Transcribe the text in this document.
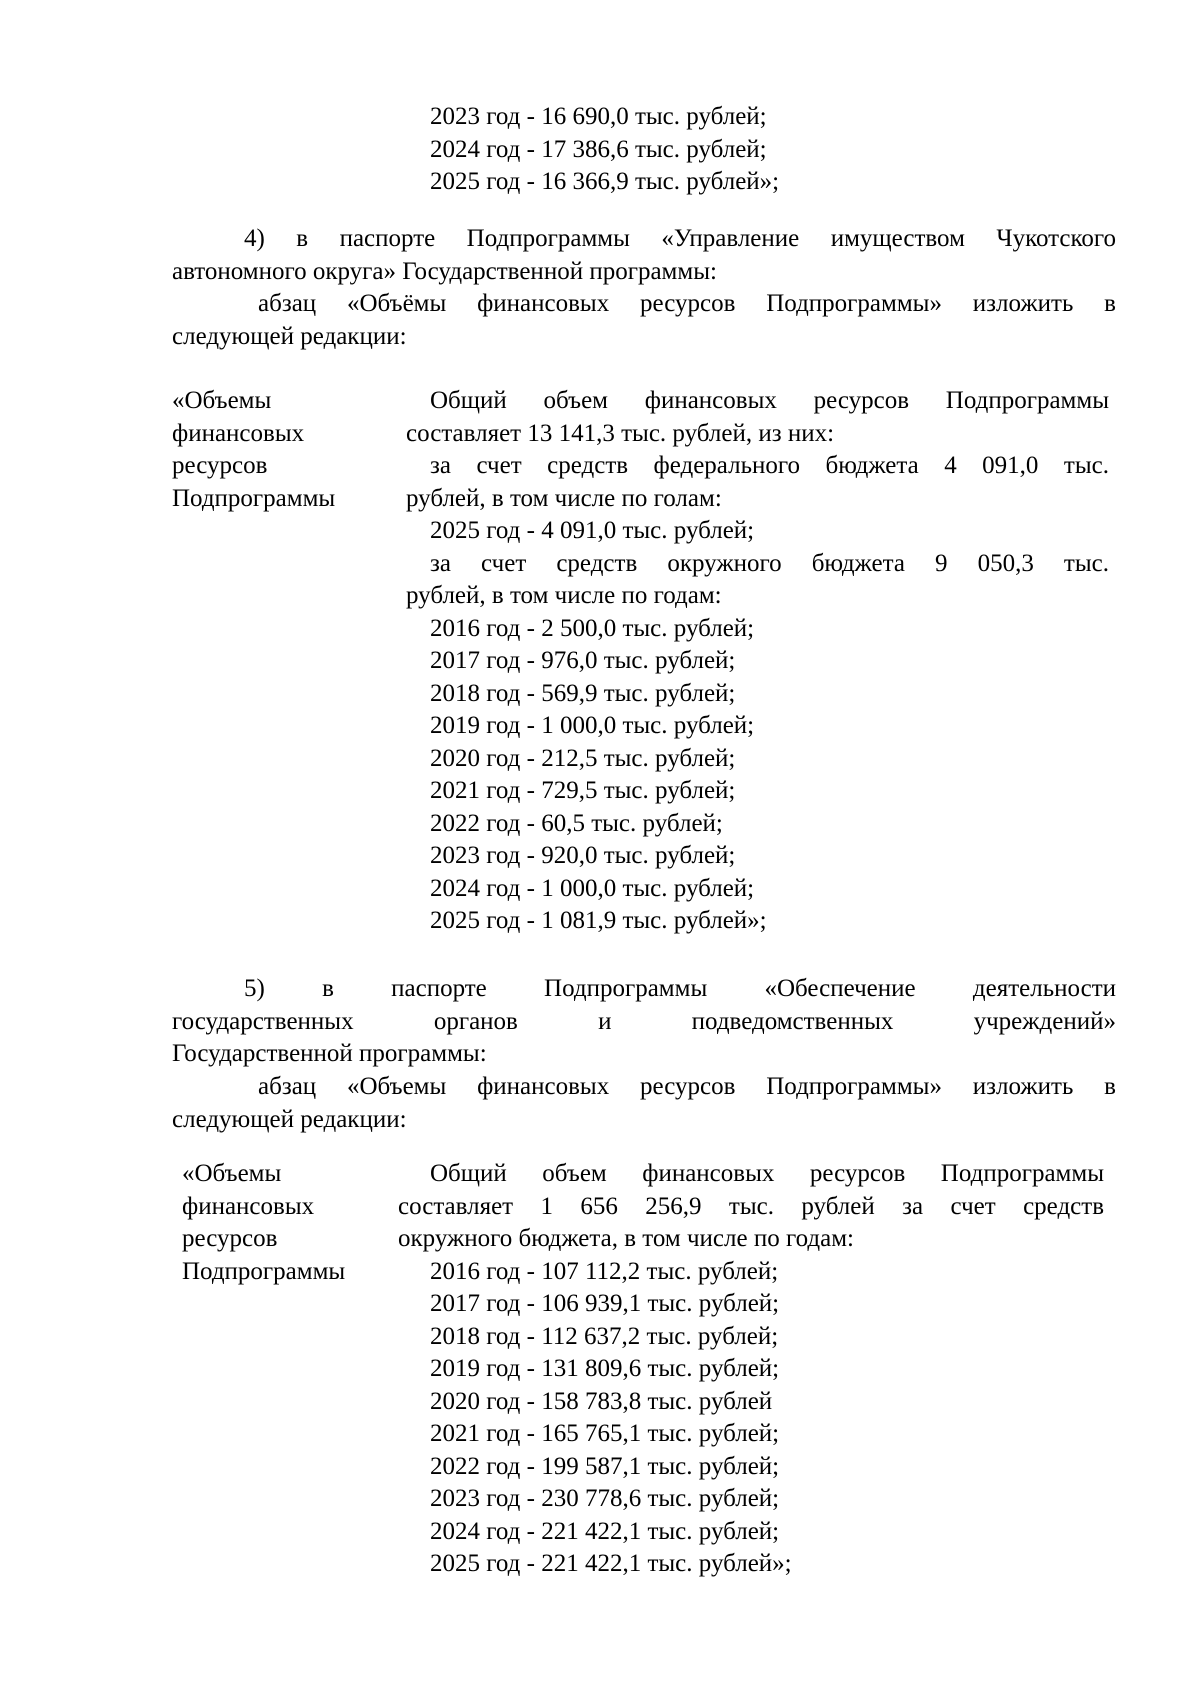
2023 год - 16 690,0 тыс. рублей;
2024 год - 17 386,6 тыс. рублей;
2025 год - 16 366,9 тыс. рублей»;
4) в паспорте Подпрограммы «Управление имуществом Чукотского
автономного округа» Государственной программы:
абзац «Объёмы финансовых ресурсов Подпрограммы» изложить в
следующей редакции:
«Объемы
финансовых
ресурсов
Подпрограммы
Общий объем финансовых ресурсов Подпрограммы
составляет 13 141,3 тыс. рублей, из них:
за счет средств федерального бюджета 4 091,0 тыс.
рублей, в том числе по голам:
2025 год - 4 091,0 тыс. рублей;
за счет средств окружного бюджета 9 050,3 тыс.
рублей, в том числе по годам:
2016 год - 2 500,0 тыс. рублей;
2017 год - 976,0 тыс. рублей;
2018 год - 569,9 тыс. рублей;
2019 год - 1 000,0 тыс. рублей;
2020 год - 212,5 тыс. рублей;
2021 год - 729,5 тыс. рублей;
2022 год - 60,5 тыс. рублей;
2023 год - 920,0 тыс. рублей;
2024 год - 1 000,0 тыс. рублей;
2025 год - 1 081,9 тыс. рублей»;
5) в паспорте Подпрограммы «Обеспечение деятельности
государственных органов и подведомственных учреждений»
Государственной программы:
абзац «Объемы финансовых ресурсов Подпрограммы» изложить в
следующей редакции:
«Объемы
финансовых
ресурсов
Подпрограммы
Общий объем финансовых ресурсов Подпрограммы
составляет 1 656 256,9 тыс. рублей за счет средств
окружного бюджета, в том числе по годам:
2016 год - 107 112,2 тыс. рублей;
2017 год - 106 939,1 тыс. рублей;
2018 год - 112 637,2 тыс. рублей;
2019 год - 131 809,6 тыс. рублей;
2020 год - 158 783,8 тыс. рублей
2021 год - 165 765,1 тыс. рублей;
2022 год - 199 587,1 тыс. рублей;
2023 год - 230 778,6 тыс. рублей;
2024 год - 221 422,1 тыс. рублей;
2025 год - 221 422,1 тыс. рублей»;
